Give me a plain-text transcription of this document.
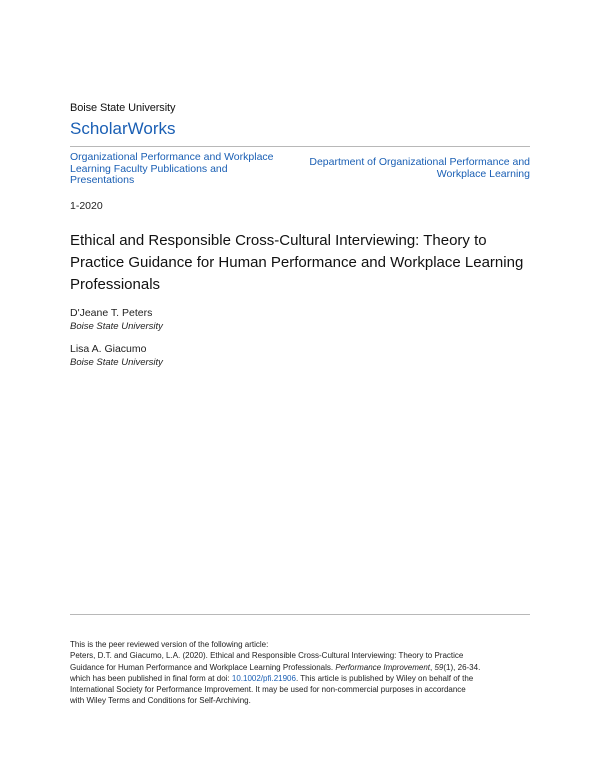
Boise State University
ScholarWorks
Organizational Performance and Workplace Learning Faculty Publications and Presentations
Department of Organizational Performance and Workplace Learning
1-2020
Ethical and Responsible Cross-Cultural Interviewing: Theory to Practice Guidance for Human Performance and Workplace Learning Professionals
D'Jeane T. Peters
Boise State University
Lisa A. Giacumo
Boise State University
This is the peer reviewed version of the following article:
Peters, D.T. and Giacumo, L.A. (2020). Ethical and Responsible Cross-Cultural Interviewing: Theory to Practice
Guidance for Human Performance and Workplace Learning Professionals. Performance Improvement, 59(1), 26-34.
which has been published in final form at doi: 10.1002/pfi.21906. This article is published by Wiley on behalf of the
International Society for Performance Improvement. It may be used for non-commercial purposes in accordance
with Wiley Terms and Conditions for Self-Archiving.
